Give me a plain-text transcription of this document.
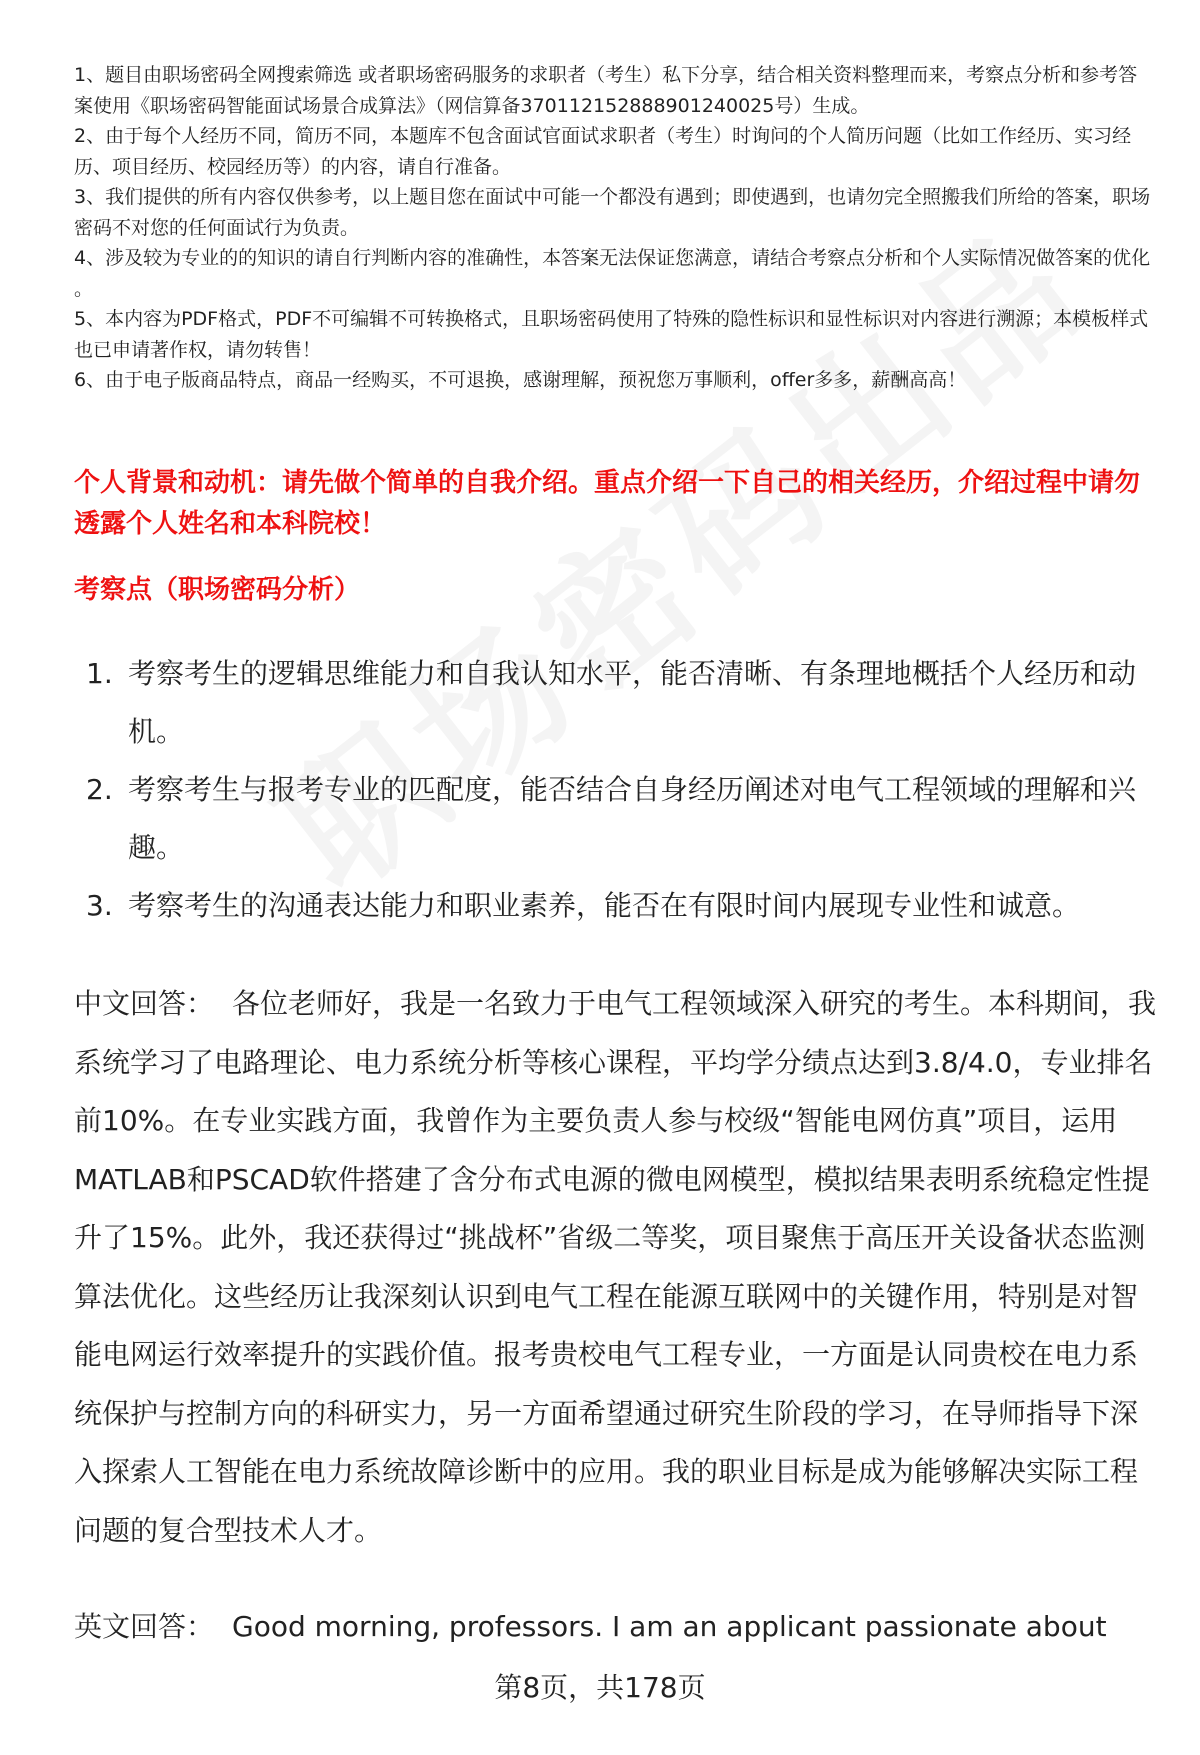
1、题目由职场密码全网搜索筛选 或者职场密码服务的求职者（考生）私下分享，结合相关资料整理而来，考察点分析和参考答案使用《职场密码智能面试场景合成算法》（网信算备370112152888901240025号）生成。

2、由于每个人经历不同，简历不同，本题库不包含面试官面试求职者（考生）时询问的个人简历问题（比如工作经历、实习经历、项目经历、校园经历等）的内容，请自行准备。

3、我们提供的所有内容仅供参考，以上题目您在面试中可能一个都没有遇到；即使遇到，也请勿完全照搬我们所给的答案，职场密码不对您的任何面试行为负责。

4、涉及较为专业的的知识的请自行判断内容的准确性，本答案无法保证您满意，请结合考察点分析和个人实际情况做答案的优化 。

5、本内容为PDF格式，PDF不可编辑不可转换格式，且职场密码使用了特殊的隐性标识和显性标识对内容进行溯源；本模板样式也已申请著作权，请勿转售！

6、由于电子版商品特点，商品一经购买，不可退换，感谢理解，预祝您万事顺利，offer多多，薪酬高高！

个人背景和动机：请先做个简单的自我介绍。重点介绍一下自己的相关经历，介绍过程中请勿透露个人姓名和本科院校！

考察点（职场密码分析）

1. 考察考生的逻辑思维能力和自我认知水平，能否清晰、有条理地概括个人经历和动机。
2. 考察考生与报考专业的匹配度，能否结合自身经历阐述对电气工程领域的理解和兴趣。
3. 考察考生的沟通表达能力和职业素养，能否在有限时间内展现专业性和诚意。

中文回答： 各位老师好，我是一名致力于电气工程领域深入研究的考生。本科期间，我系统学习了电路理论、电力系统分析等核心课程，平均学分绩点达到3.8/4.0，专业排名前10%。在专业实践方面，我曾作为主要负责人参与校级“智能电网仿真”项目，运用MATLAB和PSCAD软件搭建了含分布式电源的微电网模型，模拟结果表明系统稳定性提升了15%。此外，我还获得过“挑战杯”省级二等奖，项目聚焦于高压开关设备状态监测算法优化。这些经历让我深刻认识到电气工程在能源互联网中的关键作用，特别是对智能电网运行效率提升的实践价值。报考贵校电气工程专业，一方面是认同贵校在电力系统保护与控制方向的科研实力，另一方面希望通过研究生阶段的学习，在导师指导下深入探索人工智能在电力系统故障诊断中的应用。我的职业目标是成为能够解决实际工程问题的复合型技术人才。

英文回答： Good morning, professors. I am an applicant passionate about

第8页，共178页
